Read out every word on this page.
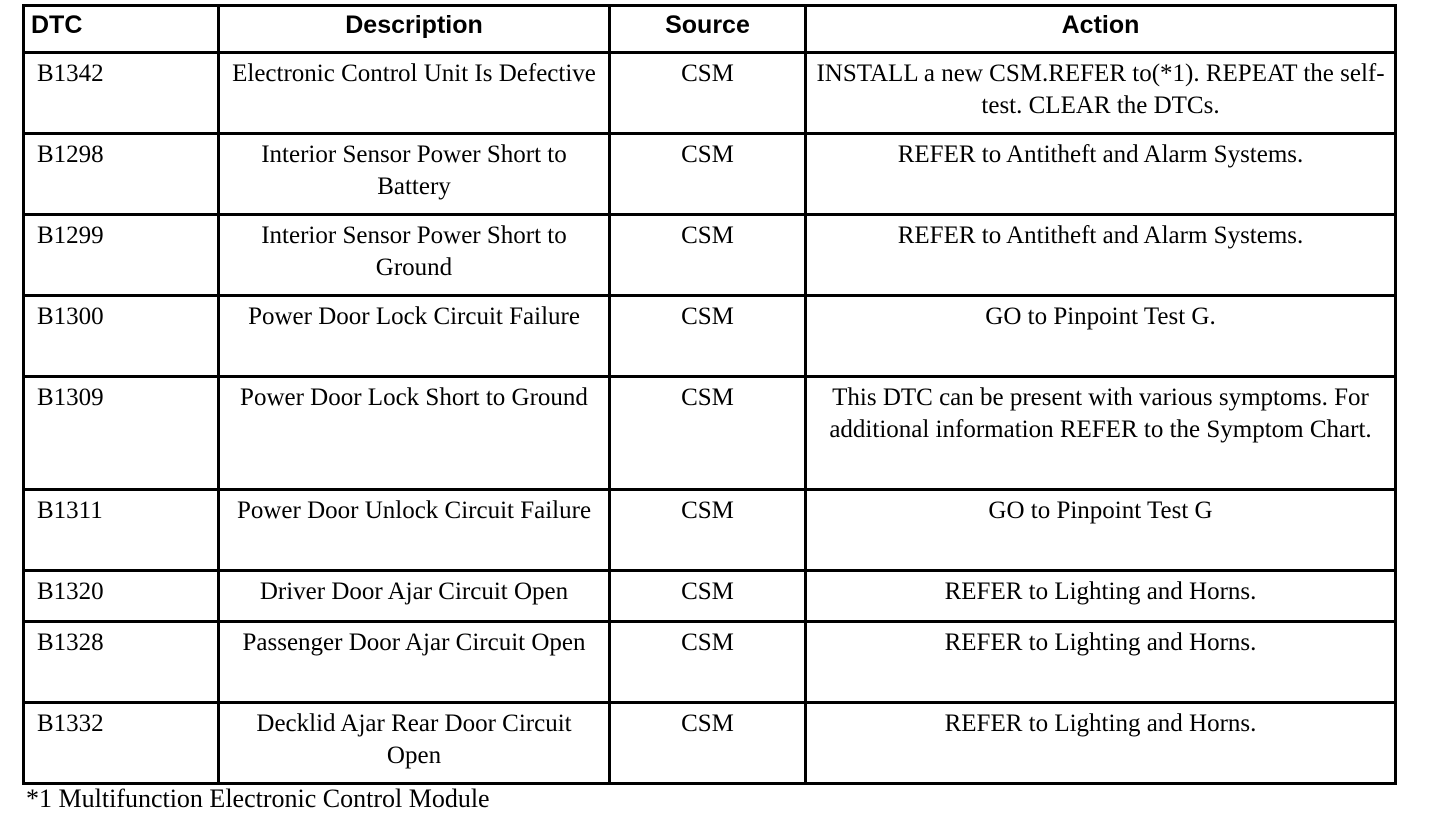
DTC	Description	Source	Action
B1342	Electronic Control Unit Is Defective	CSM	INSTALL a new CSM.REFER to(*1). REPEAT the self-test. CLEAR the DTCs.
B1298	Interior Sensor Power Short to Battery	CSM	REFER to Antitheft and Alarm Systems.
B1299	Interior Sensor Power Short to Ground	CSM	REFER to Antitheft and Alarm Systems.
B1300	Power Door Lock Circuit Failure	CSM	GO to Pinpoint Test G.
B1309	Power Door Lock Short to Ground	CSM	This DTC can be present with various symptoms. For additional information REFER to the Symptom Chart.
B1311	Power Door Unlock Circuit Failure	CSM	GO to Pinpoint Test G
B1320	Driver Door Ajar Circuit Open	CSM	REFER to Lighting and Horns.
B1328	Passenger Door Ajar Circuit Open	CSM	REFER to Lighting and Horns.
B1332	Decklid Ajar Rear Door Circuit Open	CSM	REFER to Lighting and Horns.
*1 Multifunction Electronic Control Module
